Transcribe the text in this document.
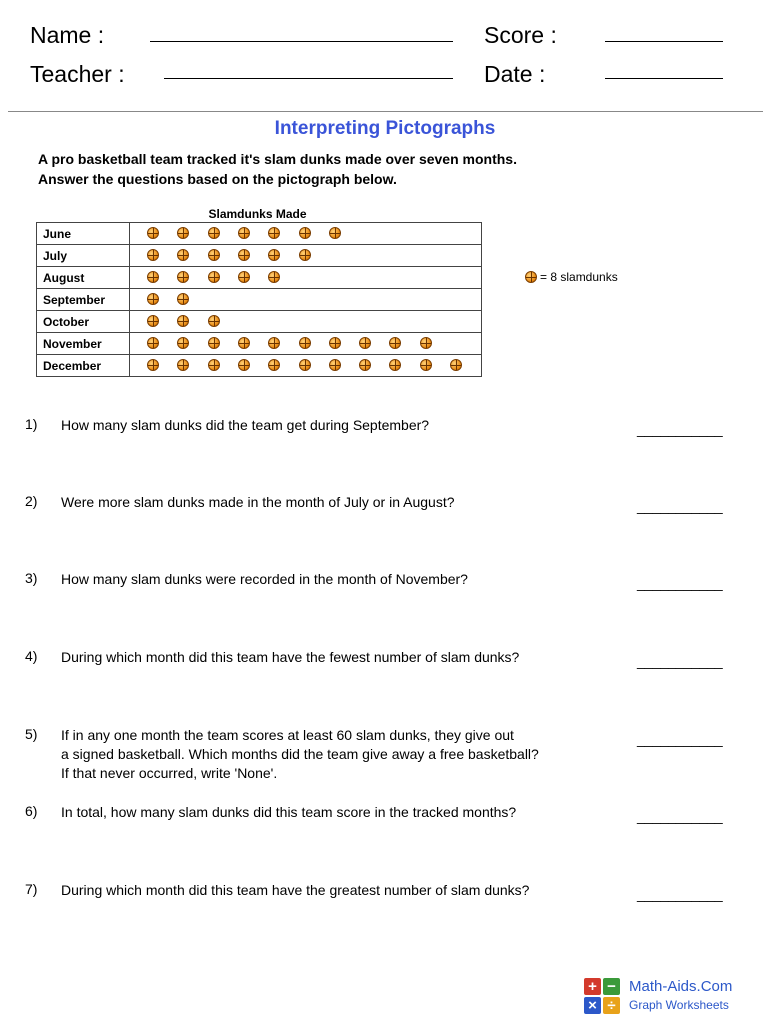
Name :	Score :
Teacher :	Date :
Interpreting Pictographs
A pro basketball team tracked it's slam dunks made over seven months.
Answer the questions based on the pictograph below.
Slamdunks Made
June	

July	

August	

September	

October	

November	

December	
= 8 slamdunks
1) How many slam dunks did the team get during September?	___________
2) Were more slam dunks made in the month of July or in August?	___________
3) How many slam dunks were recorded in the month of November?	___________
4) During which month did this team have the fewest number of slam dunks?	___________
5) If in any one month the team scores at least 60 slam dunks, they give out
a signed basketball. Which months did the team give away a free basketball?
If that never occurred, write 'None'.
___________
6) In total, how many slam dunks did this team score in the tracked months?	___________
7) During which month did this team have the greatest number of slam dunks?	___________
+ −
× ÷
Math-Aids.Com
Graph Worksheets
